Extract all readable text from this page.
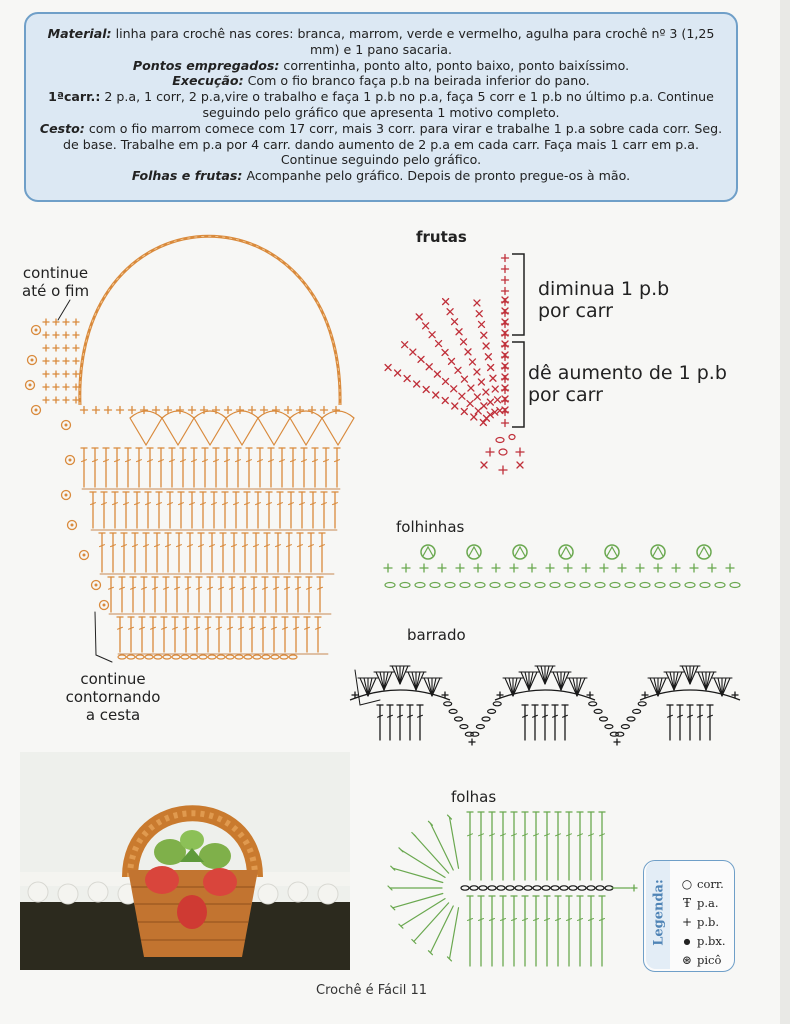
Material: linha para crochê nas cores: branca, marrom, verde e vermelho, agulha para crochê nº 3 (1,25 mm) e 1 pano sacaria.

Pontos empregados: correntinha, ponto alto, ponto baixo, ponto baixíssimo.

Execução: Com o fio branco faça p.b na beirada inferior do pano.

1ªcarr.: 2 p.a, 1 corr, 2 p.a,vire o trabalho e faça 1 p.b no p.a, faça 5 corr e 1 p.b no último p.a. Continue seguindo pelo gráfico que apresenta 1 motivo completo.

Cesto: com o fio marrom comece com 17 corr, mais 3 corr. para virar e trabalhe 1 p.a sobre cada corr. Seg. de base. Trabalhe em p.a por 4 carr. dando aumento de 2 p.a em cada carr. Faça mais 1 carr em p.a. Continue seguindo pelo gráfico.

Folhas e frutas: Acompanhe pelo gráfico. Depois de pronto pregue-os à mão.

continue
até o fim
continue
contornando
a cesta
frutas
diminua 1 p.b
por carr
dê aumento de 1 p.b
por carr
folhinhas
barrado
folhas
Legenda: ○ corr.
Ŧ p.a.
+ p.b.
● p.bx.
⊛ picô
Crochê é Fácil 11
